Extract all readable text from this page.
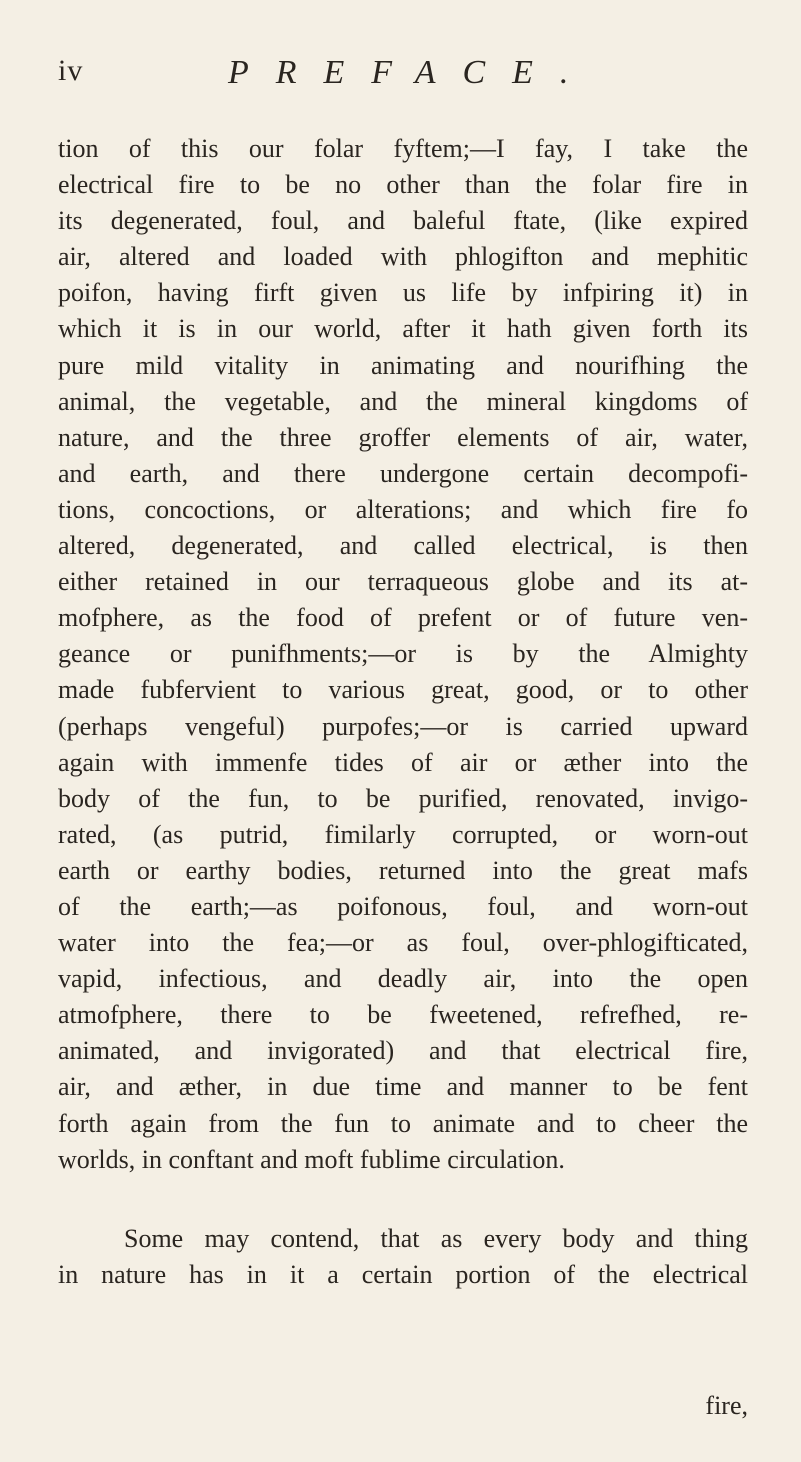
iv	PREFACE.
tion of this our folar fyftem;—I fay, I take the
electrical fire to be no other than the folar fire in
its degenerated, foul, and baleful ftate, (like expired
air, altered and loaded with phlogifton and mephitic
poifon, having firft given us life by infpiring it) in
which it is in our world, after it hath given forth its
pure mild vitality in animating and nourifhing the
animal, the vegetable, and the mineral kingdoms of
nature, and the three groffer elements of air, water,
and earth, and there undergone certain decompofi-
tions, concoctions, or alterations; and which fire fo
altered, degenerated, and called electrical, is then
either retained in our terraqueous globe and its at-
mofphere, as the food of prefent or of future ven-
geance or punifhments;—or is by the Almighty
made fubfervient to various great, good, or to other
(perhaps vengeful) purpofes;—or is carried upward
again with immenfe tides of air or æther into the
body of the fun, to be purified, renovated, invigo-
rated, (as putrid, fimilarly corrupted, or worn-out
earth or earthy bodies, returned into the great mafs
of the earth;—as poifonous, foul, and worn-out
water into the fea;—or as foul, over-phlogifticated,
vapid, infectious, and deadly air, into the open
atmofphere, there to be fweetened, refrefhed, re-
animated, and invigorated) and that electrical fire,
air, and æther, in due time and manner to be fent
forth again from the fun to animate and to cheer the
worlds, in conftant and moft fublime circulation.
Some may contend, that as every body and thing
in nature has in it a certain portion of the electrical
fire,
